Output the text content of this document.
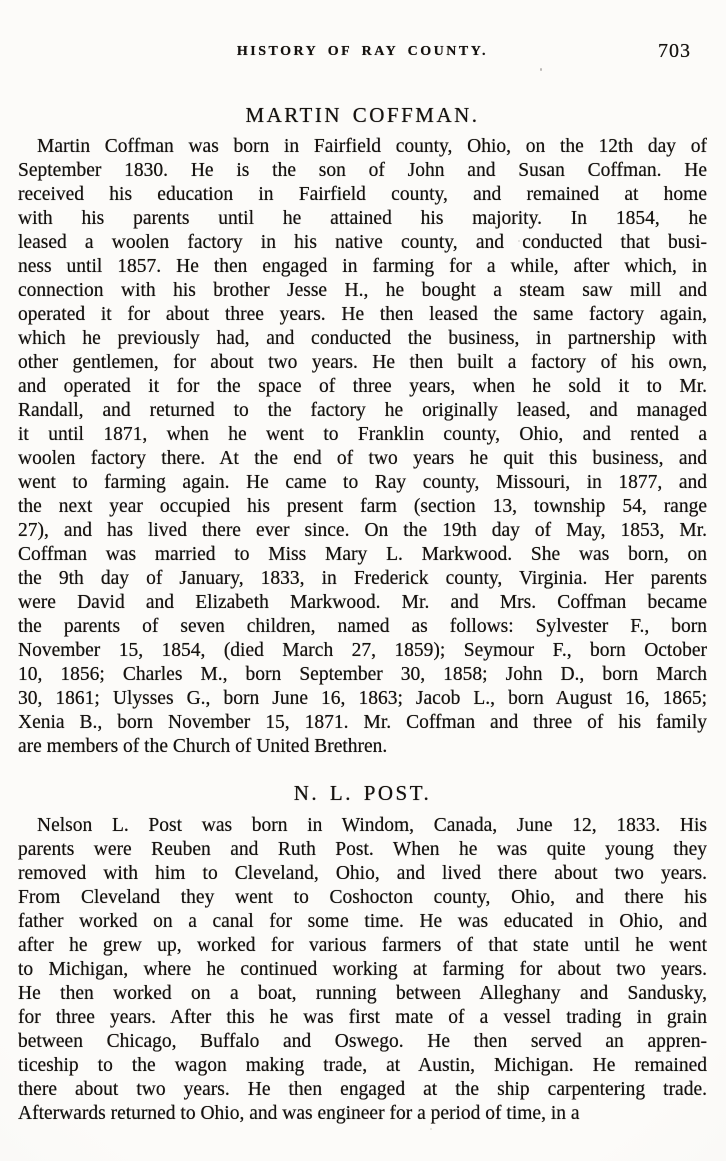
HISTORY OF RAY COUNTY.	703
MARTIN COFFMAN.
Martin Coffman was born in Fairfield county, Ohio, on the 12th day of
September 1830. He is the son of John and Susan Coffman. He
received his education in Fairfield county, and remained at home
with his parents until he attained his majority. In 1854, he
leased a woolen factory in his native county, and conducted that busi-
ness until 1857. He then engaged in farming for a while, after which, in
connection with his brother Jesse H., he bought a steam saw mill and
operated it for about three years. He then leased the same factory again,
which he previously had, and conducted the business, in partnership with
other gentlemen, for about two years. He then built a factory of his own,
and operated it for the space of three years, when he sold it to Mr.
Randall, and returned to the factory he originally leased, and managed
it until 1871, when he went to Franklin county, Ohio, and rented a
woolen factory there. At the end of two years he quit this business, and
went to farming again. He came to Ray county, Missouri, in 1877, and
the next year occupied his present farm (section 13, township 54, range
27), and has lived there ever since. On the 19th day of May, 1853, Mr.
Coffman was married to Miss Mary L. Markwood. She was born, on
the 9th day of January, 1833, in Frederick county, Virginia. Her parents
were David and Elizabeth Markwood. Mr. and Mrs. Coffman became
the parents of seven children, named as follows: Sylvester F., born
November 15, 1854, (died March 27, 1859); Seymour F., born October
10, 1856; Charles M., born September 30, 1858; John D., born March
30, 1861; Ulysses G., born June 16, 1863; Jacob L., born August 16, 1865;
Xenia B., born November 15, 1871. Mr. Coffman and three of his family
are members of the Church of United Brethren.
N. L. POST.
Nelson L. Post was born in Windom, Canada, June 12, 1833. His
parents were Reuben and Ruth Post. When he was quite young they
removed with him to Cleveland, Ohio, and lived there about two years.
From Cleveland they went to Coshocton county, Ohio, and there his
father worked on a canal for some time. He was educated in Ohio, and
after he grew up, worked for various farmers of that state until he went
to Michigan, where he continued working at farming for about two years.
He then worked on a boat, running between Alleghany and Sandusky,
for three years. After this he was first mate of a vessel trading in grain
between Chicago, Buffalo and Oswego. He then served an appren-
ticeship to the wagon making trade, at Austin, Michigan. He remained
there about two years. He then engaged at the ship carpentering trade.
Afterwards returned to Ohio, and was engineer for a period of time, in a
